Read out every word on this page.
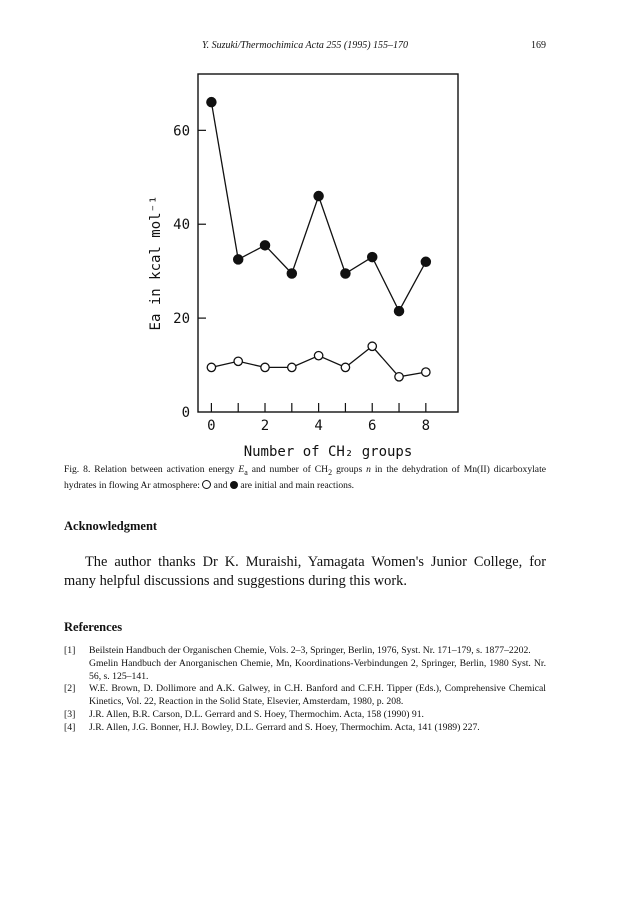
Y. Suzuki/Thermochimica Acta 255 (1995) 155–170	169
0
20
40
60
0	2	4	6	8
Number of CH₂ groups
Ea in kcal mol⁻¹
Fig. 8. Relation between activation energy $E_a$ and number of $CH_2$ groups n in the dehydration of Mn(II) dicarboxylate hydrates in flowing Ar atmosphere:  and  are initial and main reactions.
Acknowledgment
The author thanks Dr K. Muraishi, Yamagata Women's Junior College, for many helpful discussions and suggestions during this work.
References
[1] Beilstein Handbuch der Organischen Chemie, Vols. 2–3, Springer, Berlin, 1976, Syst. Nr. 171–179, s. 1877–2202.
Gmelin Handbuch der Anorganischen Chemie, Mn, Koordinations-Verbindungen 2, Springer, Berlin, 1980 Syst. Nr. 56, s. 125–141.
[2] W.E. Brown, D. Dollimore and A.K. Galwey, in C.H. Banford and C.F.H. Tipper (Eds.), Comprehensive Chemical Kinetics, Vol. 22, Reaction in the Solid State, Elsevier, Amsterdam, 1980, p. 208.
[3] J.R. Allen, B.R. Carson, D.L. Gerrard and S. Hoey, Thermochim. Acta, 158 (1990) 91.
[4] J.R. Allen, J.G. Bonner, H.J. Bowley, D.L. Gerrard and S. Hoey, Thermochim. Acta, 141 (1989) 227.
